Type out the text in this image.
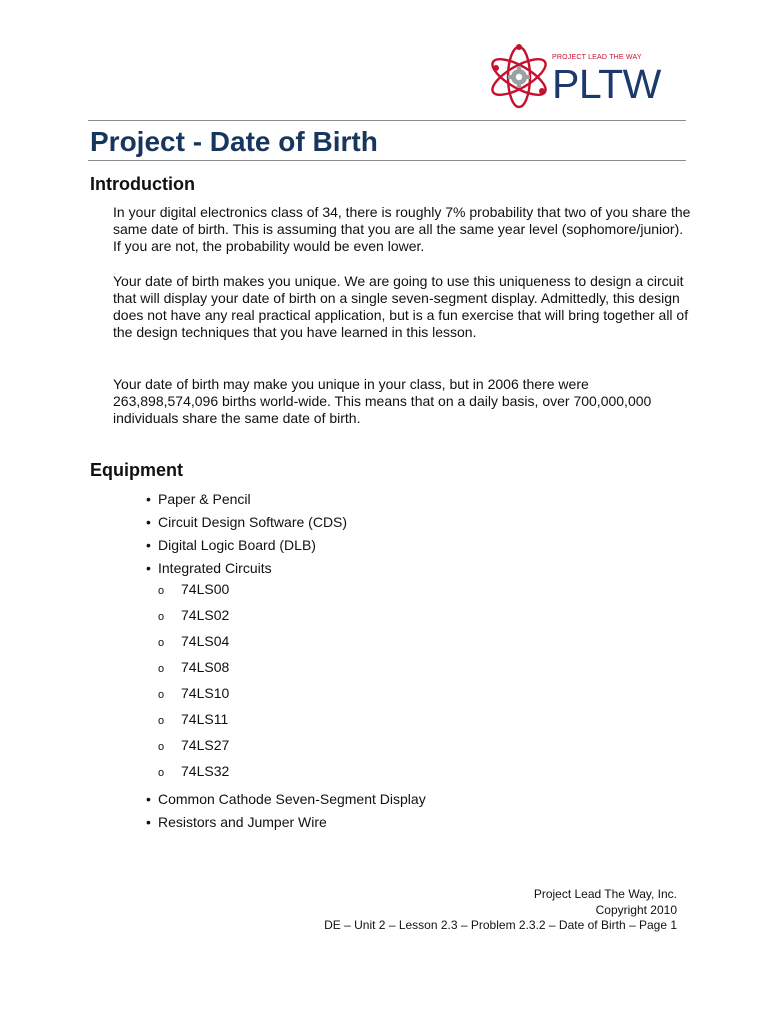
PROJECT LEAD THE WAY
PLTW
Project - Date of Birth
Introduction

In your digital electronics class of 34, there is roughly 7% probability that two of you share the same date of birth. This is assuming that you are all the same year level (sophomore/junior). If you are not, the probability would be even lower.

Your date of birth makes you unique. We are going to use this uniqueness to design a circuit that will display your date of birth on a single seven-segment display. Admittedly, this design does not have any real practical application, but is a fun exercise that will bring together all of the design techniques that you have learned in this lesson.

Your date of birth may make you unique in your class, but in 2006 there were 263,898,574,096 births world-wide. This means that on a daily basis, over 700,000,000 individuals share the same date of birth.

Equipment
• Paper & Pencil
• Circuit Design Software (CDS)
• Digital Logic Board (DLB)
• Integrated Circuits
o 74LS00
o 74LS02
o 74LS04
o 74LS08
o 74LS10
o 74LS11
o 74LS27
o 74LS32
• Common Cathode Seven-Segment Display
• Resistors and Jumper Wire
Project Lead The Way, Inc.
Copyright 2010
DE – Unit 2 – Lesson 2.3 – Problem 2.3.2 – Date of Birth – Page 1
